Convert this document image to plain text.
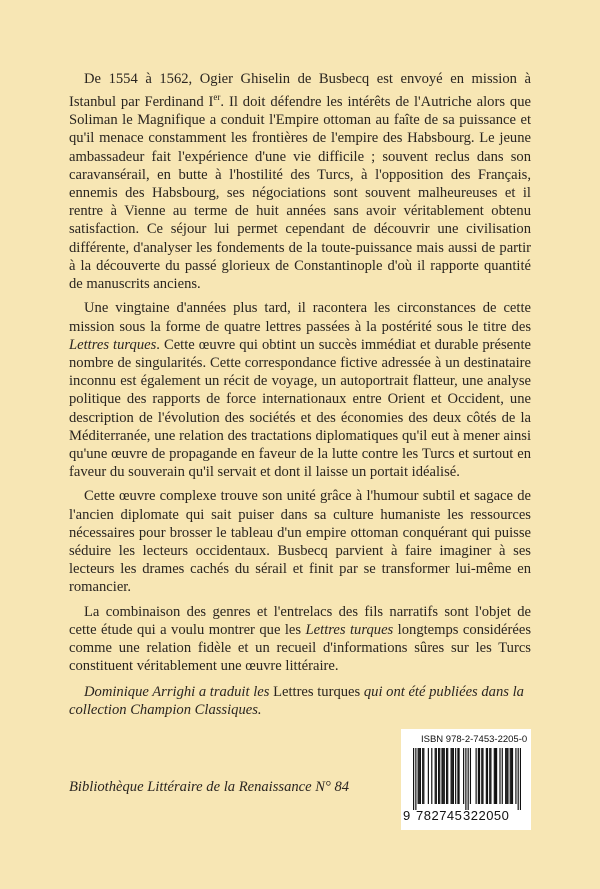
De 1554 à 1562, Ogier Ghiselin de Busbecq est envoyé en mission à Istanbul par Ferdinand Ier. Il doit défendre les intérêts de l'Autriche alors que Soliman le Magnifique a conduit l'Empire ottoman au faîte de sa puissance et qu'il menace constamment les frontières de l'empire des Habsbourg. Le jeune ambassadeur fait l'expérience d'une vie difficile ; souvent reclus dans son caravansérail, en butte à l'hostilité des Turcs, à l'opposition des Français, ennemis des Habsbourg, ses négociations sont souvent malheureuses et il rentre à Vienne au terme de huit années sans avoir véritablement obtenu satisfaction. Ce séjour lui permet cependant de découvrir une civilisation différente, d'analyser les fondements de la toute-puissance mais aussi de partir à la découverte du passé glorieux de Constantinople d'où il rapporte quantité de manuscrits anciens.

Une vingtaine d'années plus tard, il racontera les circonstances de cette mission sous la forme de quatre lettres passées à la postérité sous le titre des Lettres turques. Cette œuvre qui obtint un succès immédiat et durable présente nombre de singularités. Cette correspondance fictive adressée à un destinataire inconnu est également un récit de voyage, un autoportrait flatteur, une analyse politique des rapports de force internationaux entre Orient et Occident, une description de l'évolution des sociétés et des économies des deux côtés de la Méditerranée, une relation des tractations diplomatiques qu'il eut à mener ainsi qu'une œuvre de propagande en faveur de la lutte contre les Turcs et surtout en faveur du souverain qu'il servait et dont il laisse un portait idéalisé.

Cette œuvre complexe trouve son unité grâce à l'humour subtil et sagace de l'ancien diplomate qui sait puiser dans sa culture humaniste les ressources nécessaires pour brosser le tableau d'un empire ottoman conquérant qui puisse séduire les lecteurs occidentaux. Busbecq parvient à faire imaginer à ses lecteurs les drames cachés du sérail et finit par se transformer lui-même en romancier.

La combinaison des genres et l'entrelacs des fils narratifs sont l'objet de cette étude qui a voulu montrer que les Lettres turques longtemps considérées comme une relation fidèle et un recueil d'informations sûres sur les Turcs constituent véritablement une œuvre littéraire.

Dominique Arrighi a traduit les Lettres turques qui ont été publiées dans la collection Champion Classiques.
Bibliothèque Littéraire de la Renaissance N° 84
ISBN 978-2-7453-2205-0
9 782745 322050
